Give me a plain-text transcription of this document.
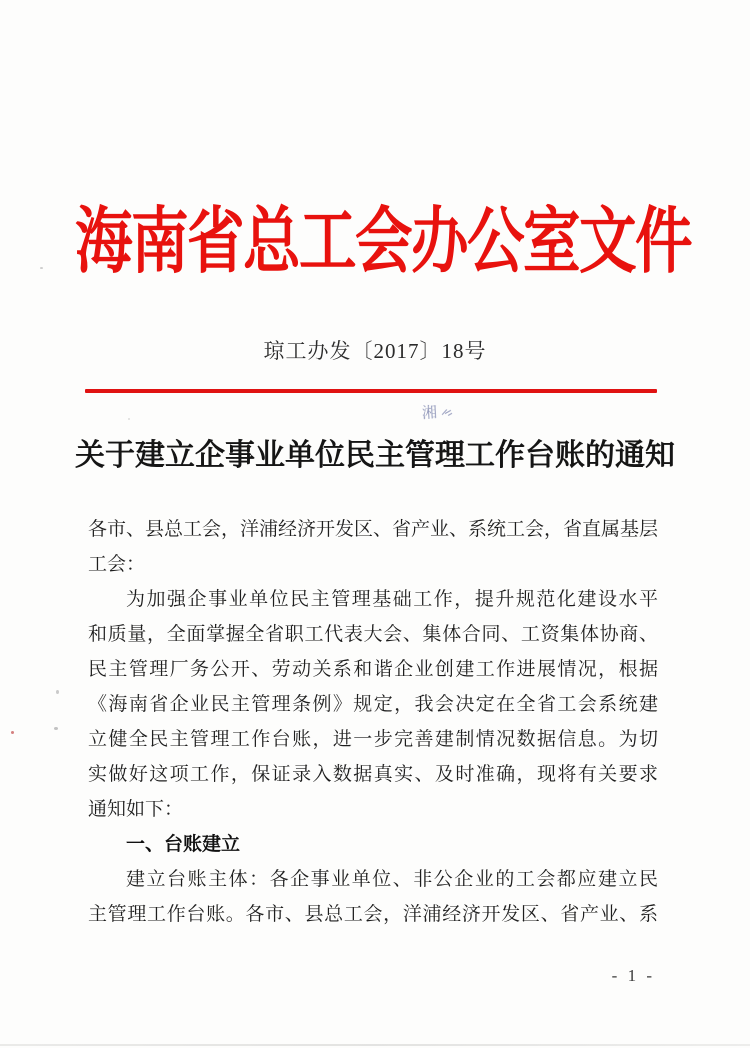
海南省总工会办公室文件
琼工办发〔2017〕18号
湘
关于建立企事业单位民主管理工作台账的通知
各市、县总工会，洋浦经济开发区、省产业、系统工会，省直属基层
工会：
为加强企事业单位民主管理基础工作，提升规范化建设水平
和质量，全面掌握全省职工代表大会、集体合同、工资集体协商、
民主管理厂务公开、劳动关系和谐企业创建工作进展情况，根据
《海南省企业民主管理条例》规定，我会决定在全省工会系统建
立健全民主管理工作台账，进一步完善建制情况数据信息。为切
实做好这项工作，保证录入数据真实、及时准确，现将有关要求
通知如下：
一、台账建立
建立台账主体：各企事业单位、非公企业的工会都应建立民
主管理工作台账。各市、县总工会，洋浦经济开发区、省产业、系
- 1 -
